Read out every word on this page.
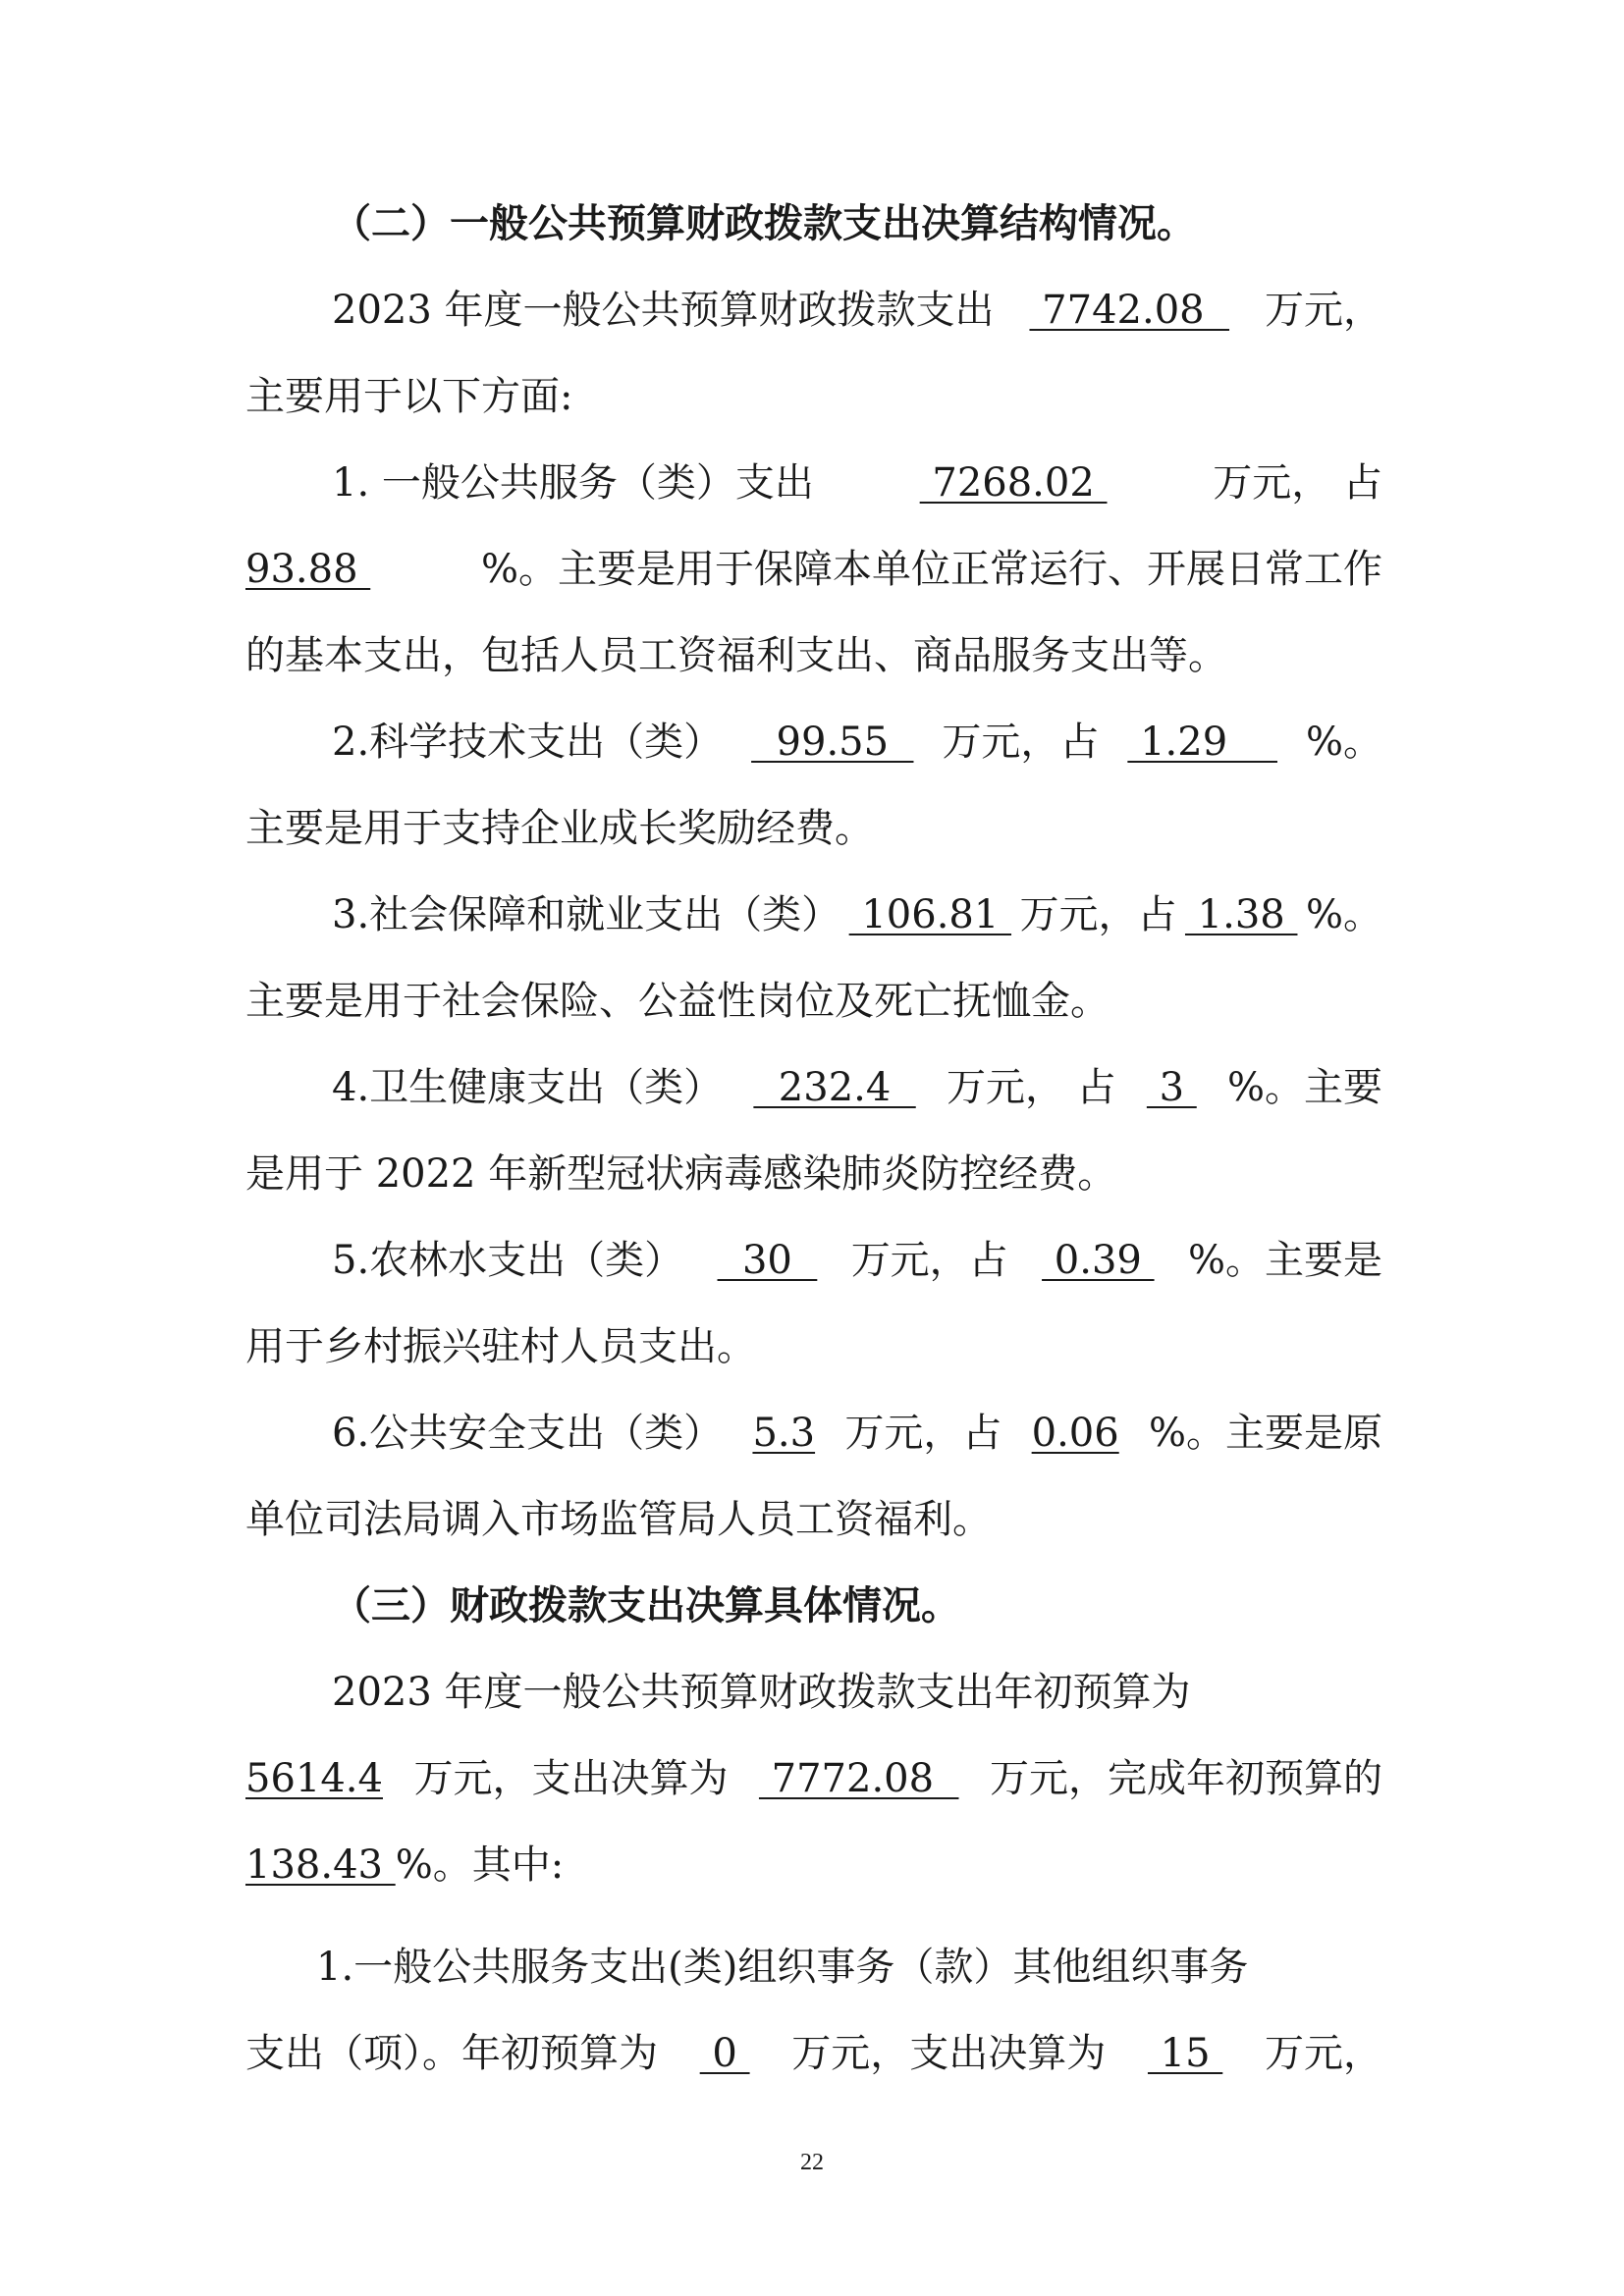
（二）一般公共预算财政拨款支出决算结构情况。
2023 年度一般公共预算财政拨款支出 7742.08 万元，
主要用于以下方面:
1. 一般公共服务（类）支出	7268.02	万元， 占
93.88	%。主要是用于保障本单位正常运行、开展日常工作
的基本支出，包括人员工资福利支出、商品服务支出等。
2.科学技术支出（类） 99.55 万元，占 1.29 %。
主要是用于支持企业成长奖励经费。
3.社会保障和就业支出（类） 106.81 万元，占 1.38 %。
主要是用于社会保险、公益性岗位及死亡抚恤金。
4.卫生健康支出（类） 232.4 万元， 占 3 %。主要
是用于 2022 年新型冠状病毒感染肺炎防控经费。
5.农林水支出（类） 30 万元，占 0.39 %。主要是
用于乡村振兴驻村人员支出。
6.公共安全支出（类） 5.3 万元，占 0.06 %。主要是原
单位司法局调入市场监管局人员工资福利。
（三）财政拨款支出决算具体情况。
2023 年度一般公共预算财政拨款支出年初预算为
5614.4 万元，支出决算为 7772.08 万元，完成年初预算的
138.43 %。其中:
1.一般公共服务支出(类)组织事务（款）其他组织事务
支出（项）。年初预算为 0 万元，支出决算为 15 万元，
22
